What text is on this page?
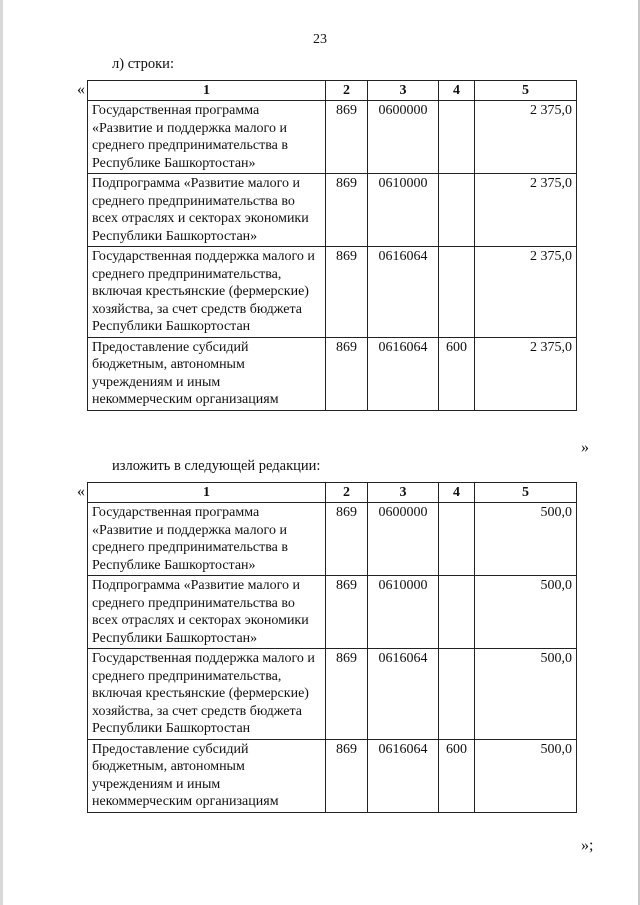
23
л) строки:
«	1	2	3	4	5
Государственная программа «Развитие и поддержка малого и среднего предпринимательства в Республике Башкортостан»	869	0600000		2 375,0
Подпрограмма «Развитие малого и среднего предпринимательства во всех отраслях и секторах экономики Республики Башкортостан»	869	0610000		2 375,0
Государственная поддержка малого и среднего предпринимательства, включая крестьянские (фермерские) хозяйства, за счет средств бюджета Республики Башкортостан	869	0616064		2 375,0
Предоставление субсидий бюджетным, автономным учреждениям и иным некоммерческим организациям	869	0616064	600	2 375,0
»
изложить в следующей редакции:
«	1	2	3	4	5
Государственная программа «Развитие и поддержка малого и среднего предпринимательства в Республике Башкортостан»	869	0600000		500,0
Подпрограмма «Развитие малого и среднего предпринимательства во всех отраслях и секторах экономики Республики Башкортостан»	869	0610000		500,0
Государственная поддержка малого и среднего предпринимательства, включая крестьянские (фермерские) хозяйства, за счет средств бюджета Республики Башкортостан	869	0616064		500,0
Предоставление субсидий бюджетным, автономным учреждениям и иным некоммерческим организациям	869	0616064	600	500,0
»;
